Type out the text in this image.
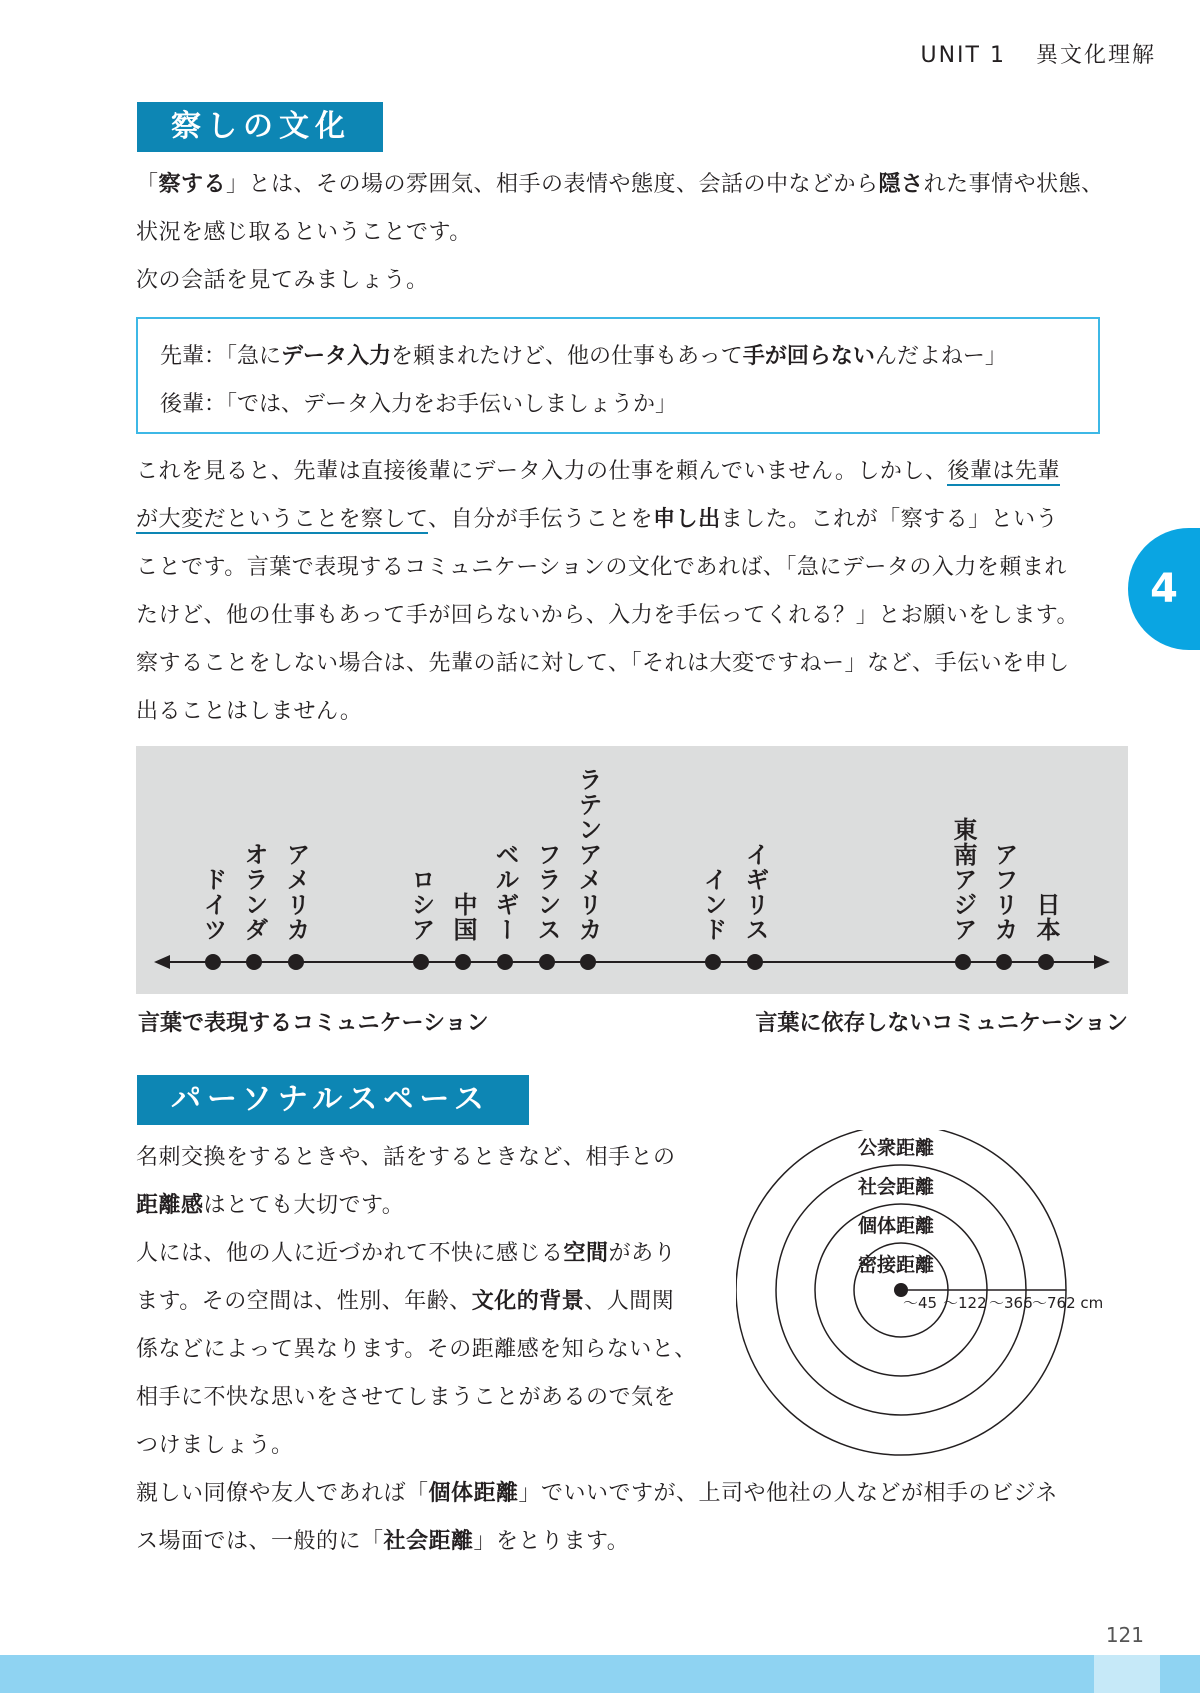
UNIT 1 異文化理解
察しの文化

「察する」とは、その場の雰囲気、相手の表情や態度、会話の中などから隠された事情や状態、

状況を感じ取るということです。

次の会話を見てみましょう。

先輩：「急にデータ入力を頼まれたけど、他の仕事もあって手が回らないんだよねー」
後輩：「では、データ入力をお手伝いしましょうか」

これを見ると、先輩は直接後輩にデータ入力の仕事を頼んでいません。しかし、後輩は先輩

が大変だということを察して、自分が手伝うことを申し出ました。これが「察する」という

ことです。言葉で表現するコミュニケーションの文化であれば、「急にデータの入力を頼まれ

たけど、他の仕事もあって手が回らないから、入力を手伝ってくれる？」とお願いをします。

察することをしない場合は、先輩の話に対して、「それは大変ですねー」など、手伝いを申し

出ることはしません。

4
ドイツ オランダ アメリカ	ロシア 中国 ベルギー フランス ラテンアメリカ	インド イギリス	東南アジア アフリカ 日本
言葉で表現するコミュニケーション	言葉に依存しないコミュニケーション
パーソナルスペース

名刺交換をするときや、話をするときなど、相手との

距離感はとても大切です。

人には、他の人に近づかれて不快に感じる空間があり

ます。その空間は、性別、年齢、文化的背景、人間関

係などによって異なります。その距離感を知らないと、

相手に不快な思いをさせてしまうことがあるので気を

つけましょう。

公衆距離
社会距離
個体距離
密接距離
～45 ～122 ～366 ～762 cm

親しい同僚や友人であれば「個体距離」でいいですが、上司や他社の人などが相手のビジネ

ス場面では、一般的に「社会距離」をとります。

121
